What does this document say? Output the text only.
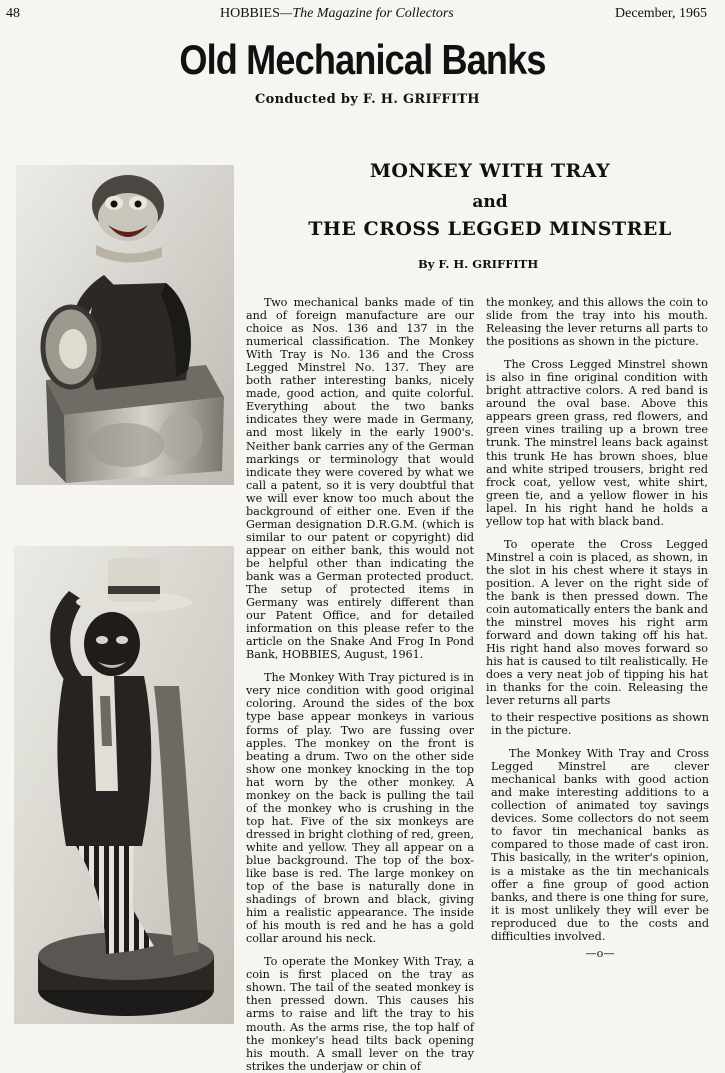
48	HOBBIES—The Magazine for Collectors	December, 1965
Old Mechanical Banks
Conducted by F. H. GRIFFITH
MONKEY WITH TRAY
and
THE CROSS LEGGED MINSTREL
By F. H. GRIFFITH

Two mechanical banks made of tin and of foreign manufacture are our choice as Nos. 136 and 137 in the numerical classification. The Monkey With Tray is No. 136 and the Cross Legged Minstrel No. 137. They are both rather interesting banks, nicely made, good action, and quite colorful. Everything about the two banks indicates they were made in Germany, and most likely in the early 1900's. Neither bank carries any of the German markings or terminology that would indicate they were covered by what we call a patent, so it is very doubtful that we will ever know too much about the background of either one. Even if the German designation D.R.G.M. (which is similar to our patent or copyright) did appear on either bank, this would not be helpful other than indicating the bank was a German protected product. The setup of protected items in Germany was entirely different than our Patent Office, and for detailed information on this please refer to the article on the Snake And Frog In Pond Bank, HOBBIES, August, 1961.

The Monkey With Tray pictured is in very nice condition with good original coloring. Around the sides of the box type base appear monkeys in various forms of play. Two are fussing over apples. The monkey on the front is beating a drum. Two on the other side show one monkey knocking in the top hat worn by the other monkey. A monkey on the back is pulling the tail of the monkey who is crushing in the top hat. Five of the six monkeys are dressed in bright clothing of red, green, white and yellow. They all appear on a blue background. The top of the box-like base is red. The large monkey on top of the base is naturally done in shadings of brown and black, giving him a realistic appearance. The inside of his mouth is red and he has a gold collar around his neck.

To operate the Monkey With Tray, a coin is first placed on the tray as shown. The tail of the seated monkey is then pressed down. This causes his arms to raise and lift the tray to his mouth. As the arms rise, the top half of the monkey's head tilts back opening his mouth. A small lever on the tray strikes the underjaw or chin of

the monkey, and this allows the coin to slide from the tray into his mouth. Releasing the lever returns all parts to the positions as shown in the picture.

The Cross Legged Minstrel shown is also in fine original condition with bright attractive colors. A red band is around the oval base. Above this appears green grass, red flowers, and green vines trailing up a brown tree trunk. The minstrel leans back against this trunk He has brown shoes, blue and white striped trousers, bright red frock coat, yellow vest, white shirt, green tie, and a yellow flower in his lapel. In his right hand he holds a yellow top hat with black band.

To operate the Cross Legged Minstrel a coin is placed, as shown, in the slot in his chest where it stays in position. A lever on the right side of the bank is then pressed down. The coin automatically enters the bank and the minstrel moves his right arm forward and down taking off his hat. His right hand also moves forward so his hat is caused to tilt realistically. He does a very neat job of tipping his hat in thanks for the coin. Releasing the lever returns all parts

to their respective positions as shown in the picture.

The Monkey With Tray and Cross Legged Minstrel are clever mechanical banks with good action and make interesting additions to a collection of animated toy savings devices. Some collectors do not seem to favor tin mechanical banks as compared to those made of cast iron. This basically, in the writer's opinion, is a mistake as the tin mechanicals offer a fine group of good action banks, and there is one thing for sure, it is most unlikely they will ever be reproduced due to the costs and difficulties involved.

—o—
